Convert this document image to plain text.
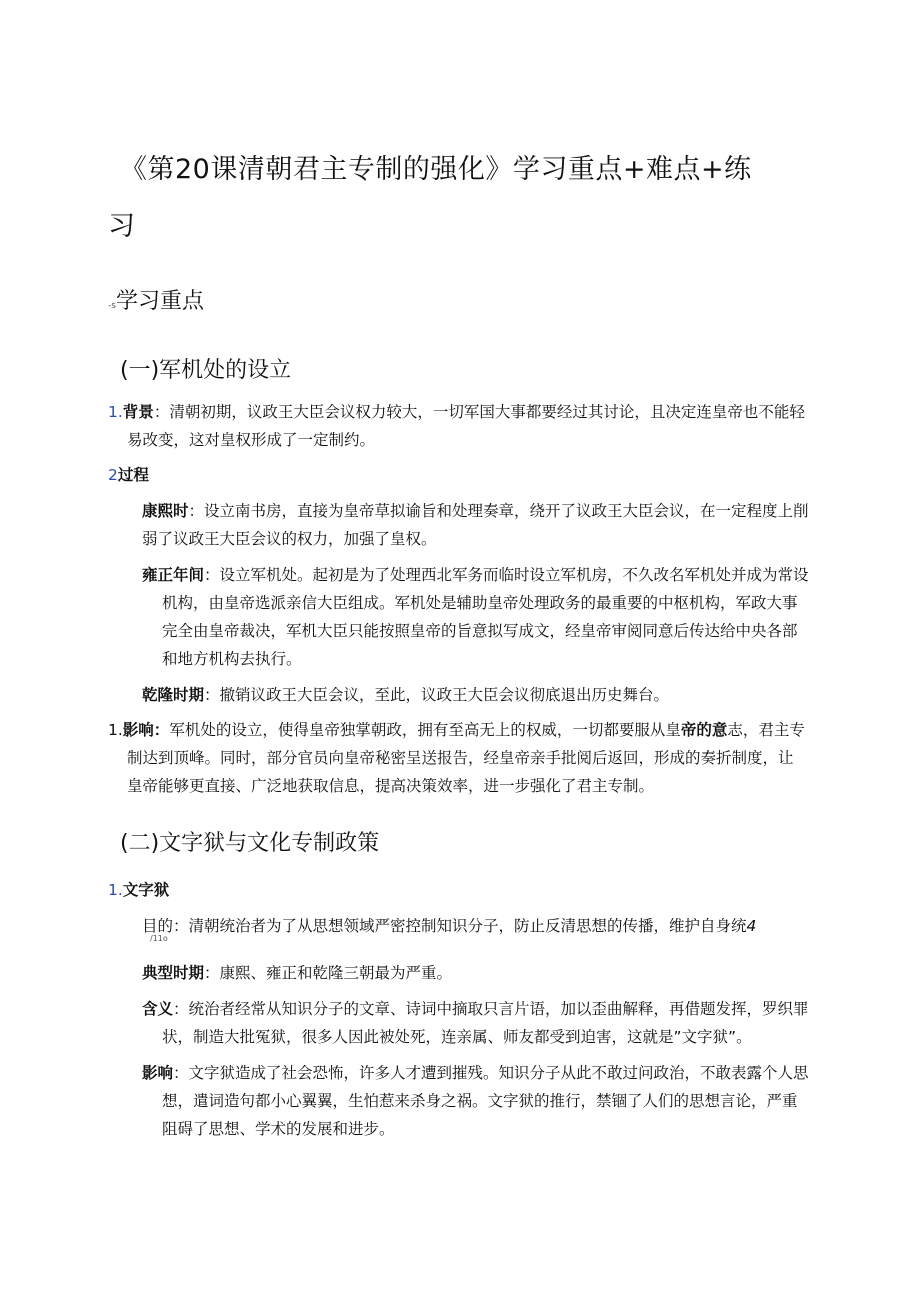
《第20课清朝君主专制的强化》学习重点+难点+练
习
-s学习重点
(一)军机处的设立
1.背景：清朝初期，议政王大臣会议权力较大，一切军国大事都要经过其讨论，且决定连皇帝也不能轻
易改变，这对皇权形成了一定制约。
2过程
康熙时：设立南书房，直接为皇帝草拟谕旨和处理奏章，绕开了议政王大臣会议，在一定程度上削
弱了议政王大臣会议的权力，加强了皇权。
雍正年间：设立军机处。起初是为了处理西北军务而临时设立军机房，不久改名军机处并成为常设
机构，由皇帝选派亲信大臣组成。军机处是辅助皇帝处理政务的最重要的中枢机构，军政大事
完全由皇帝裁决，军机大臣只能按照皇帝的旨意拟写成文，经皇帝审阅同意后传达给中央各部
和地方机构去执行。
乾隆时期：撤销议政王大臣会议，至此，议政王大臣会议彻底退出历史舞台。
1.影响：军机处的设立，使得皇帝独掌朝政，拥有至高无上的权威，一切都要服从皇帝的意志，君主专
制达到顶峰。同时，部分官员向皇帝秘密呈送报告，经皇帝亲手批阅后返回，形成的奏折制度，让
皇帝能够更直接、广泛地获取信息，提高决策效率，进一步强化了君主专制。
(二)文字狱与文化专制政策
1.文字狱
目的：清朝统治者为了从思想领域严密控制知识分子，防止反清思想的传播，维护自身统4
/11o
典型时期：康熙、雍正和乾隆三朝最为严重。
含义：统治者经常从知识分子的文章、诗词中摘取只言片语，加以歪曲解释，再借题发挥，罗织罪
状，制造大批冤狱，很多人因此被处死，连亲属、师友都受到迫害，这就是”文字狱”。
影响：文字狱造成了社会恐怖，许多人才遭到摧残。知识分子从此不敢过问政治，不敢表露个人思
想，遣词造句都小心翼翼，生怕惹来杀身之祸。文字狱的推行，禁锢了人们的思想言论，严重
阻碍了思想、学术的发展和进步。
